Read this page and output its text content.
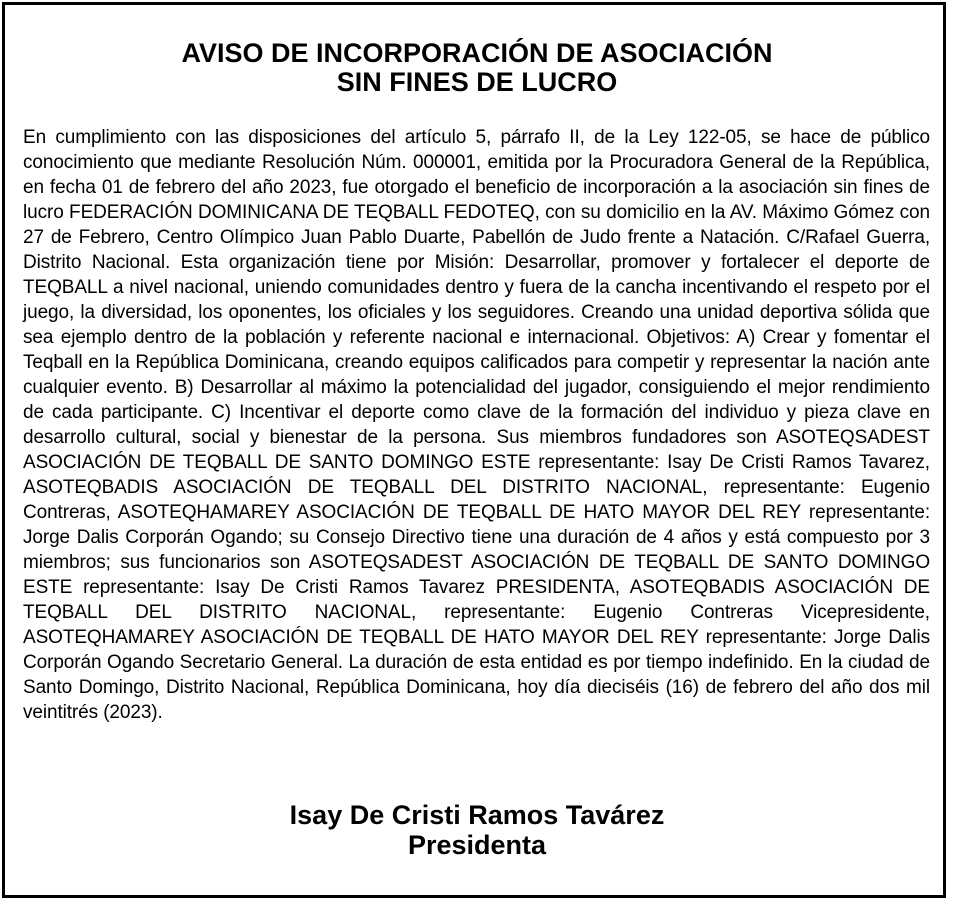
AVISO DE INCORPORACIÓN DE ASOCIACIÓN
SIN FINES DE LUCRO

En cumplimiento con las disposiciones del artículo 5, párrafo II, de la Ley 122-05, se hace de público conocimiento que mediante Resolución Núm. 000001, emitida por la Procuradora General de la República, en fecha 01 de febrero del año 2023, fue otorgado el beneficio de incorporación a la asociación sin fines de lucro FEDERACIÓN DOMINICANA DE TEQBALL FEDOTEQ, con su domicilio en la AV. Máximo Gómez con 27 de Febrero, Centro Olímpico Juan Pablo Duarte, Pabellón de Judo frente a Natación. C/Rafael Guerra, Distrito Nacional. Esta organización tiene por Misión: Desarrollar, promover y fortalecer el deporte de TEQBALL a nivel nacional, uniendo comunidades dentro y fuera de la cancha incentivando el respeto por el juego, la diversidad, los oponentes, los oficiales y los seguidores. Creando una unidad deportiva sólida que sea ejemplo dentro de la población y referente nacional e internacional. Objetivos: A) Crear y fomentar el Teqball en la República Dominicana, creando equipos calificados para competir y representar la nación ante cualquier evento. B) Desarrollar al máximo la potencialidad del jugador, consiguiendo el mejor rendimiento de cada participante. C) Incentivar el deporte como clave de la formación del individuo y pieza clave en desarrollo cultural, social y bienestar de la persona. Sus miembros fundadores son ASOTEQSADEST ASOCIACIÓN DE TEQBALL DE SANTO DOMINGO ESTE representante: Isay De Cristi Ramos Tavarez, ASOTEQBADIS ASOCIACIÓN DE TEQBALL DEL DISTRITO NACIONAL, representante: Eugenio Contreras, ASOTEQHAMAREY ASOCIACIÓN DE TEQBALL DE HATO MAYOR DEL REY representante: Jorge Dalis Corporán Ogando; su Consejo Directivo tiene una duración de 4 años y está compuesto por 3 miembros; sus funcionarios son ASOTEQSADEST ASOCIACIÓN DE TEQBALL DE SANTO DOMINGO ESTE representante: Isay De Cristi Ramos Tavarez PRESIDENTA, ASOTEQBADIS ASOCIACIÓN DE TEQBALL DEL DISTRITO NACIONAL, representante: Eugenio Contreras Vicepresidente, ASOTEQHAMAREY ASOCIACIÓN DE TEQBALL DE HATO MAYOR DEL REY representante: Jorge Dalis Corporán Ogando Secretario General. La duración de esta entidad es por tiempo indefinido. En la ciudad de Santo Domingo, Distrito Nacional, República Dominicana, hoy día dieciséis (16) de febrero del año dos mil veintitrés (2023).

Isay De Cristi Ramos Tavárez
Presidenta
